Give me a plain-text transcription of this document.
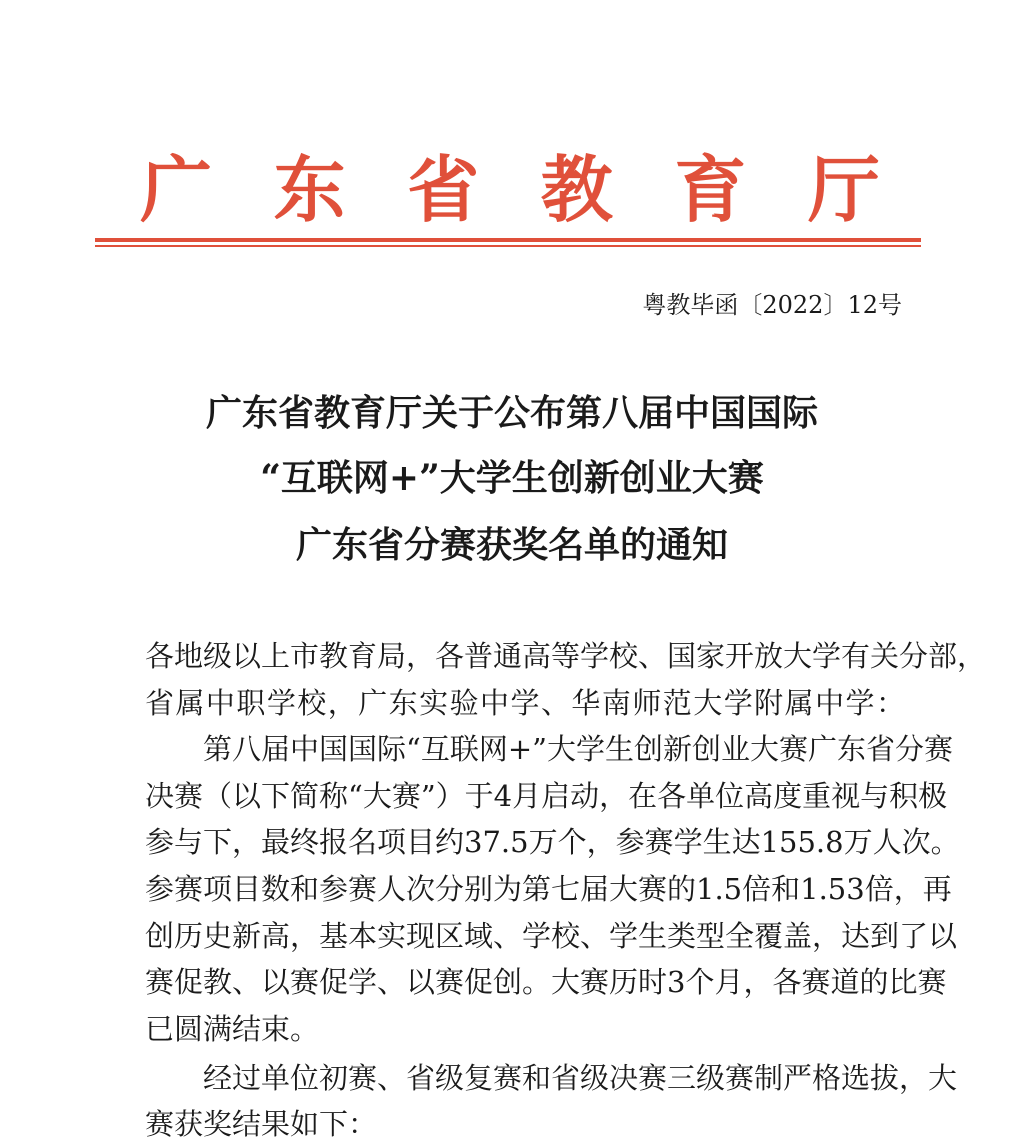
广 东 省 教 育 厅
粤教毕函〔2022〕12号
广东省教育厅关于公布第八届中国国际
“互联网+”大学生创新创业大赛
广东省分赛获奖名单的通知
各地级以上市教育局，各普通高等学校、国家开放大学有关分部，
省属中职学校，广东实验中学、华南师范大学附属中学：
第八届中国国际“互联网+”大学生创新创业大赛广东省分赛
决赛（以下简称“大赛”）于4月启动，在各单位高度重视与积极
参与下，最终报名项目约37.5万个，参赛学生达155.8万人次。
参赛项目数和参赛人次分别为第七届大赛的1.5倍和1.53倍，再
创历史新高，基本实现区域、学校、学生类型全覆盖，达到了以
赛促教、以赛促学、以赛促创。大赛历时3个月，各赛道的比赛
已圆满结束。
经过单位初赛、省级复赛和省级决赛三级赛制严格选拔，大
赛获奖结果如下：
